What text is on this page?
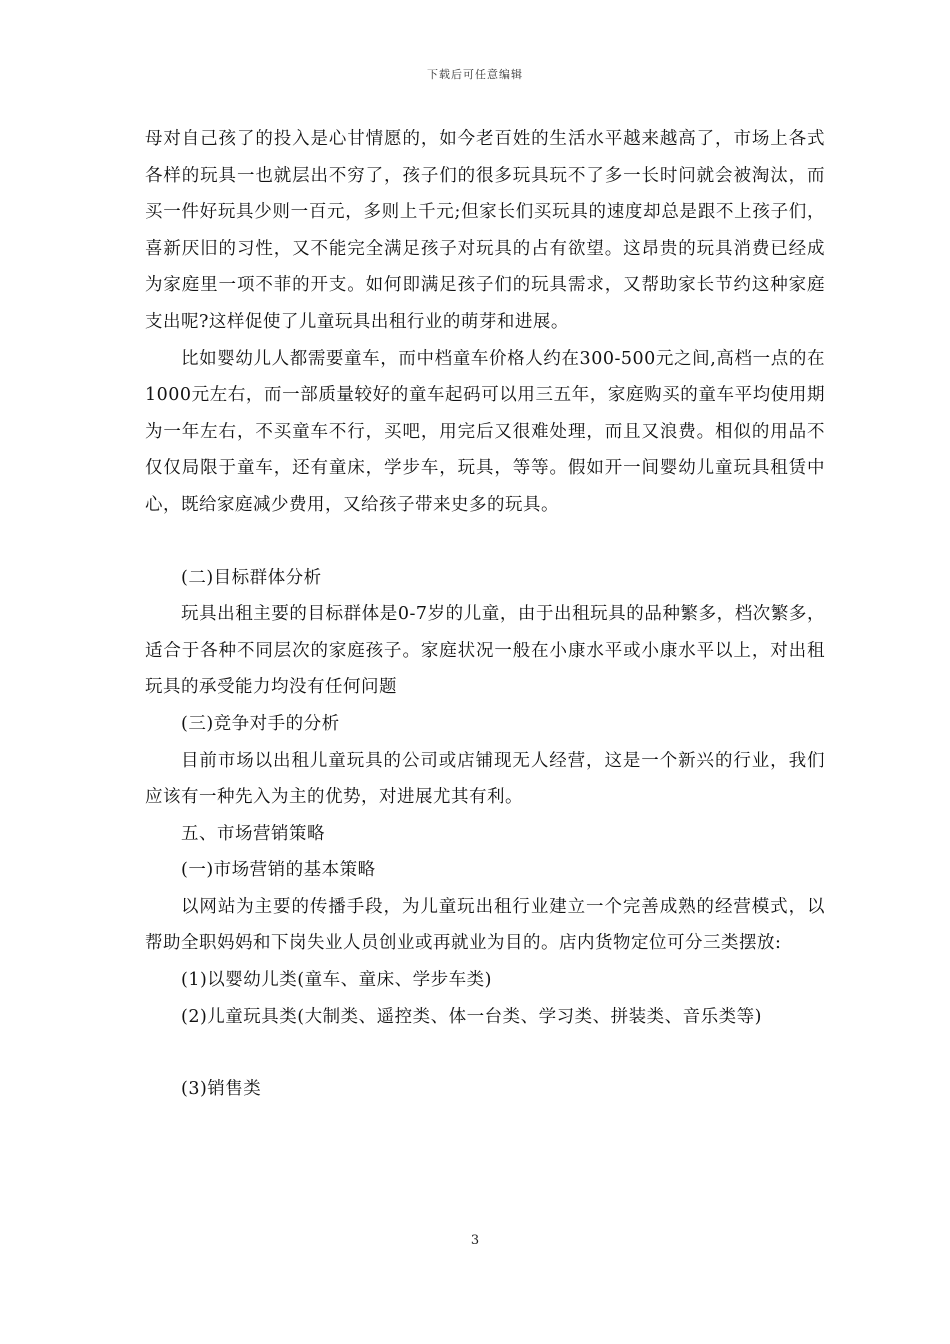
下载后可任意编辑

母对自己孩了的投入是心甘情愿的，如今老百姓的生活水平越来越高了，市场上各式各样的玩具一也就层出不穷了，孩子们的很多玩具玩不了多一长时问就会被淘汰，而买一件好玩具少则一百元，多则上千元;但家长们买玩具的速度却总是跟不上孩子们，喜新厌旧的习性，又不能完全满足孩子对玩具的占有欲望。这昂贵的玩具消费已经成为家庭里一项不菲的开支。如何即满足孩子们的玩具需求，又帮助家长节约这种家庭支出呢?这样促使了儿童玩具出租行业的萌芽和进展。

比如婴幼儿人都需要童车，而中档童车价格人约在300-500元之间,高档一点的在1000元左右，而一部质量较好的童车起码可以用三五年，家庭购买的童车平均使用期为一年左右，不买童车不行，买吧，用完后又很难处理，而且又浪费。相似的用品不仅仅局限于童车，还有童床，学步车，玩具，等等。假如开一间婴幼儿童玩具租赁中心，既给家庭减少费用，又给孩子带来史多的玩具。

(二)目标群体分析

玩具出租主要的目标群体是0-7岁的儿童，由于出租玩具的品种繁多，档次繁多，适合于各种不同层次的家庭孩子。家庭状况一般在小康水平或小康水平以上，对出租玩具的承受能力均没有任何问题

(三)竞争对手的分析

目前市场以出租儿童玩具的公司或店铺现无人经营，这是一个新兴的行业，我们应该有一种先入为主的优势，对进展尤其有利。

五、市场营销策略

(一)市场营销的基本策略

以网站为主要的传播手段，为儿童玩出租行业建立一个完善成熟的经营模式，以帮助全职妈妈和下岗失业人员创业或再就业为目的。店内货物定位可分三类摆放:

(1)以婴幼儿类(童车、童床、学步车类)

(2)儿童玩具类(大制类、遥控类、体一台类、学习类、拼装类、音乐类等)

(3)销售类

3
